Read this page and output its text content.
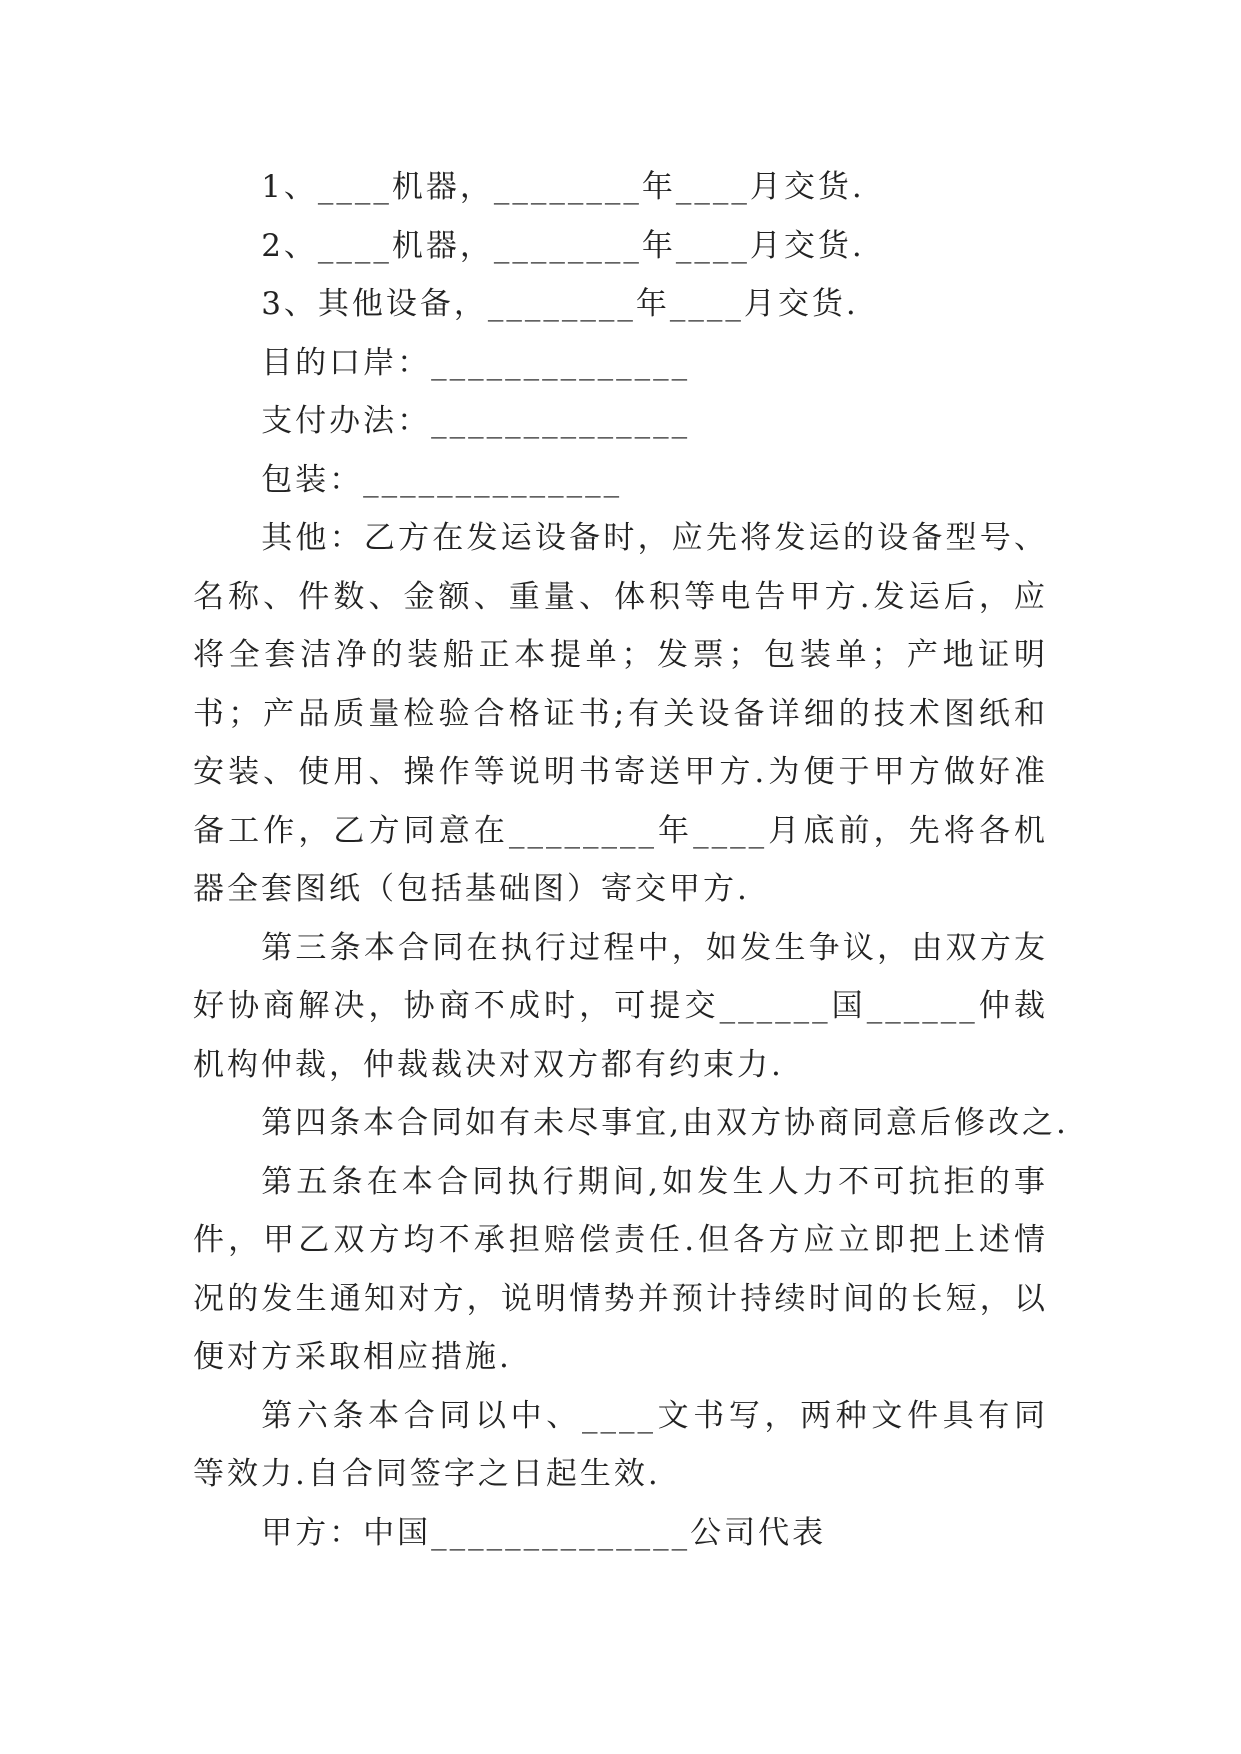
1、____机器，________年____月交货.

2、____机器，________年____月交货.

3、其他设备，________年____月交货.

目的口岸：______________

支付办法：______________

包装：______________

其他：乙方在发运设备时，应先将发运的设备型号、名称、件数、金额、重量、体积等电告甲方.发运后，应将全套洁净的装船正本提单；发票；包装单；产地证明书；产品质量检验合格证书;有关设备详细的技术图纸和安装、使用、操作等说明书寄送甲方.为便于甲方做好准备工作，乙方同意在________年____月底前，先将各机器全套图纸（包括基础图）寄交甲方.

第三条本合同在执行过程中，如发生争议，由双方友好协商解决，协商不成时，可提交______国______仲裁机构仲裁，仲裁裁决对双方都有约束力.

第四条本合同如有未尽事宜,由双方协商同意后修改之.

第五条在本合同执行期间,如发生人力不可抗拒的事件，甲乙双方均不承担赔偿责任.但各方应立即把上述情况的发生通知对方，说明情势并预计持续时间的长短，以便对方采取相应措施.

第六条本合同以中、____文书写，两种文件具有同等效力.自合同签字之日起生效.

甲方：中国______________公司代表
